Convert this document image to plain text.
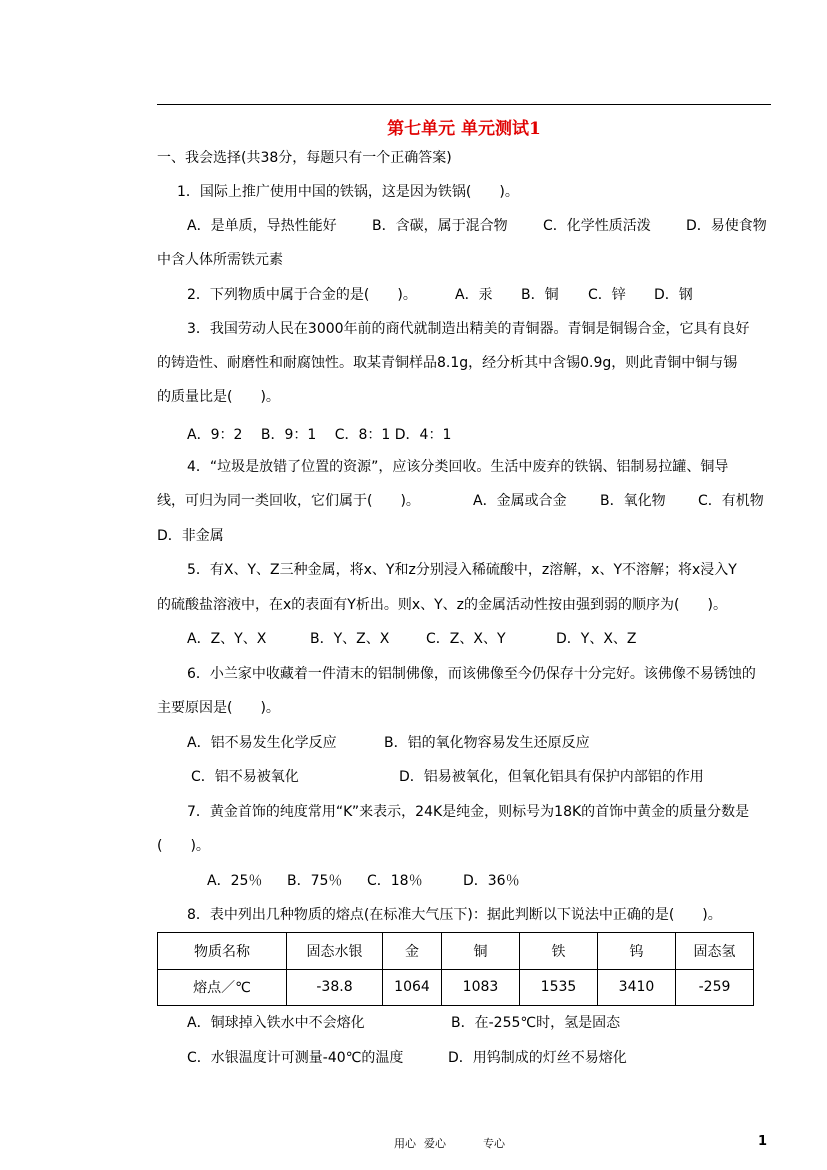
第七单元 单元测试1
一、我会选择(共38分，每题只有一个正确答案)
1．国际上推广使用中国的铁锅，这是因为铁锅(　　)。
A．是单质，导热性能好	B．含碳，属于混合物	C．化学性质活泼	D．易使食物
中含人体所需铁元素
2．下列物质中属于合金的是(　　)。	A．汞 B．铜 C．锌 D．钢
3．我国劳动人民在3000年前的商代就制造出精美的青铜器。青铜是铜锡合金，它具有良好
的铸造性、耐磨性和耐腐蚀性。取某青铜样品8.1g，经分析其中含锡0.9g，则此青铜中铜与锡
的质量比是(　　)。
A．9：2　 B．9：1　 C．8：1 D．4：1
4．“垃圾是放错了位置的资源”，应该分类回收。生活中废弃的铁锅、铝制易拉罐、铜导
线，可归为同一类回收，它们属于(　　)。	A．金属或合金 B．氧化物 C．有机物
D．非金属
5．有X、Y、Z三种金属，将x、Y和z分别浸入稀硫酸中，z溶解，x、Y不溶解；将x浸入Y
的硫酸盐溶液中，在x的表面有Y析出。则x、Y、z的金属活动性按由强到弱的顺序为(　　)。
A．Z、Y、X	B．Y、Z、X	C．Z、X、Y	D．Y、X、Z
6．小兰家中收藏着一件清末的铝制佛像，而该佛像至今仍保存十分完好。该佛像不易锈蚀的
主要原因是(　　)。
A．铝不易发生化学反应	B．铝的氧化物容易发生还原反应
C．铝不易被氧化	D．铝易被氧化，但氧化铝具有保护内部铝的作用
7．黄金首饰的纯度常用“K”来表示，24K是纯金，则标号为18K的首饰中黄金的质量分数是
(　　)。
A．25％ B．75％ C．18％	D．36％
8．表中列出几种物质的熔点(在标准大气压下)：据此判断以下说法中正确的是(　　)。
物质名称	固态水银	金	铜	铁	钨	固态氢
熔点／℃	-38.8	1064	1083	1535	3410	-259
A．铜球掉入铁水中不会熔化	B．在-255℃时，氢是固态
C．水银温度计可测量-40℃的温度	D．用钨制成的灯丝不易熔化
用心 爱心	专心	1
